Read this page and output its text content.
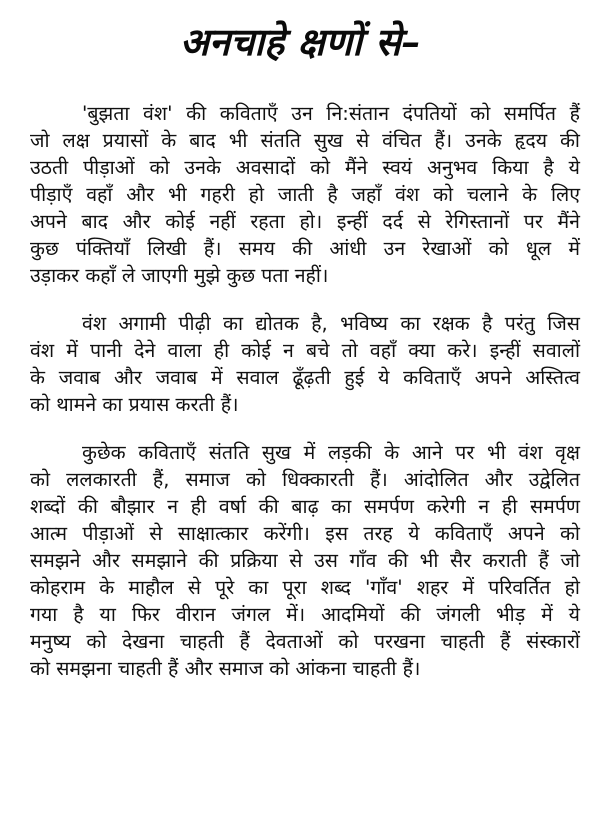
अनचाहे क्षणों से–

'बुझता वंश' की कविताएँ उन नि:संतान दंपतियों को समर्पित हैं
जो लक्ष प्रयासों के बाद भी संतति सुख से वंचित हैं। उनके हृदय की
उठती पीड़ाओं को उनके अवसादों को मैंने स्वयं अनुभव किया है ये
पीड़ाएँ वहाँ और भी गहरी हो जाती है जहाँ वंश को चलाने के लिए
अपने बाद और कोई नहीं रहता हो। इन्हीं दर्द से रेगिस्तानों पर मैंने
कुछ पंक्तियाँ लिखी हैं। समय की आंधी उन रेखाओं को धूल में
उड़ाकर कहाँ ले जाएगी मुझे कुछ पता नहीं।

वंश अगामी पीढ़ी का द्योतक है, भविष्य का रक्षक है परंतु जिस
वंश में पानी देने वाला ही कोई न बचे तो वहाँ क्या करे। इन्हीं सवालों
के जवाब और जवाब में सवाल ढूँढ़ती हुई ये कविताएँ अपने अस्तित्व
को थामने का प्रयास करती हैं।

कुछेक कविताएँ संतति सुख में लड़की के आने पर भी वंश वृक्ष
को ललकारती हैं, समाज को धिक्कारती हैं। आंदोलित और उद्वेलित
शब्दों की बौझार न ही वर्षा की बाढ़ का समर्पण करेगी न ही समर्पण
आत्म पीड़ाओं से साक्षात्कार करेंगी। इस तरह ये कविताएँ अपने को
समझने और समझाने की प्रक्रिया से उस गाँव की भी सैर कराती हैं जो
कोहराम के माहौल से पूरे का पूरा शब्द 'गाँव' शहर में परिवर्तित हो
गया है या फिर वीरान जंगल में। आदमियों की जंगली भीड़ में ये
मनुष्य को देखना चाहती हैं देवताओं को परखना चाहती हैं संस्कारों
को समझना चाहती हैं और समाज को आंकना चाहती हैं।
